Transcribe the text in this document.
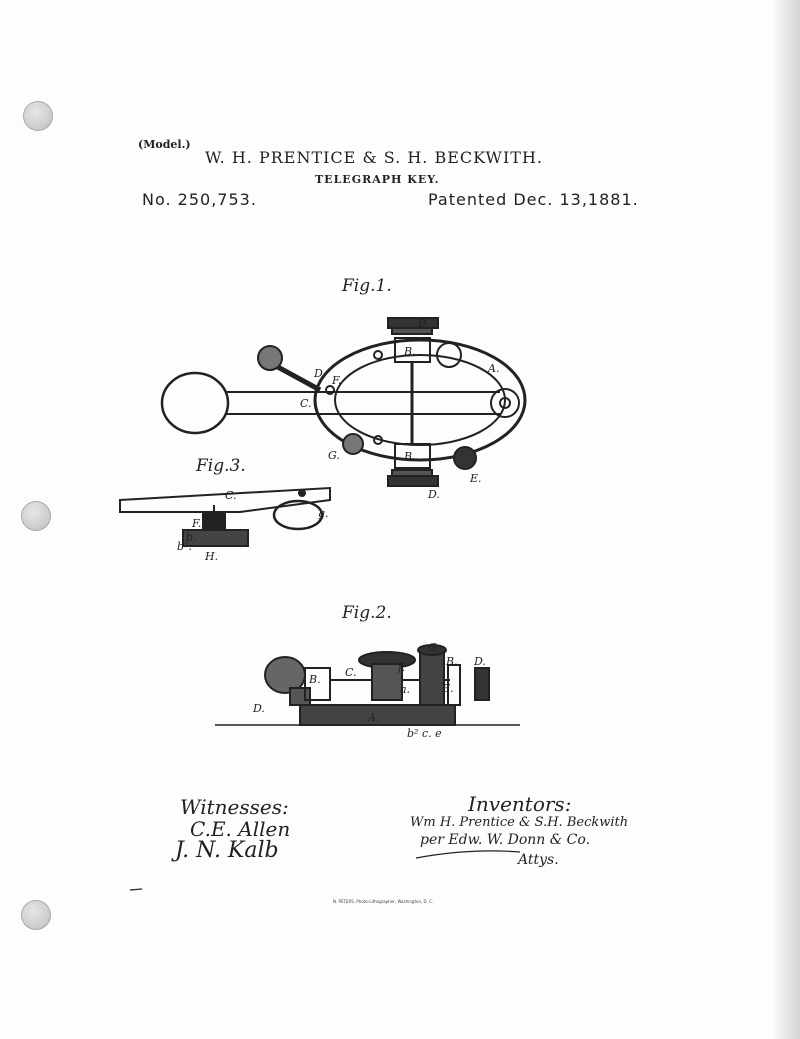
(Model.)
W. H. PRENTICE & S. H. BECKWITH.
TELEGRAPH KEY.
No. 250,753.	Patented Dec. 13,1881.
Fig.1.
Fig.3.
Fig.2.
D.
B.
A.
D.
F.
C.
G.	B.
E.
D.
C.
F.
b.
b².
H.
g.
G.
B. D.
C.
B.
f.
a.	E.
D.
A.
b² c. e
Witnesses:
C.E. Allen
J. N. Kalb
Inventors:
Wm H. Prentice & S.H. Beckwith
per Edw. W. Donn & Co.
Attys.
N. PETERS, Photo-Lithographer, Washington, D. C.
